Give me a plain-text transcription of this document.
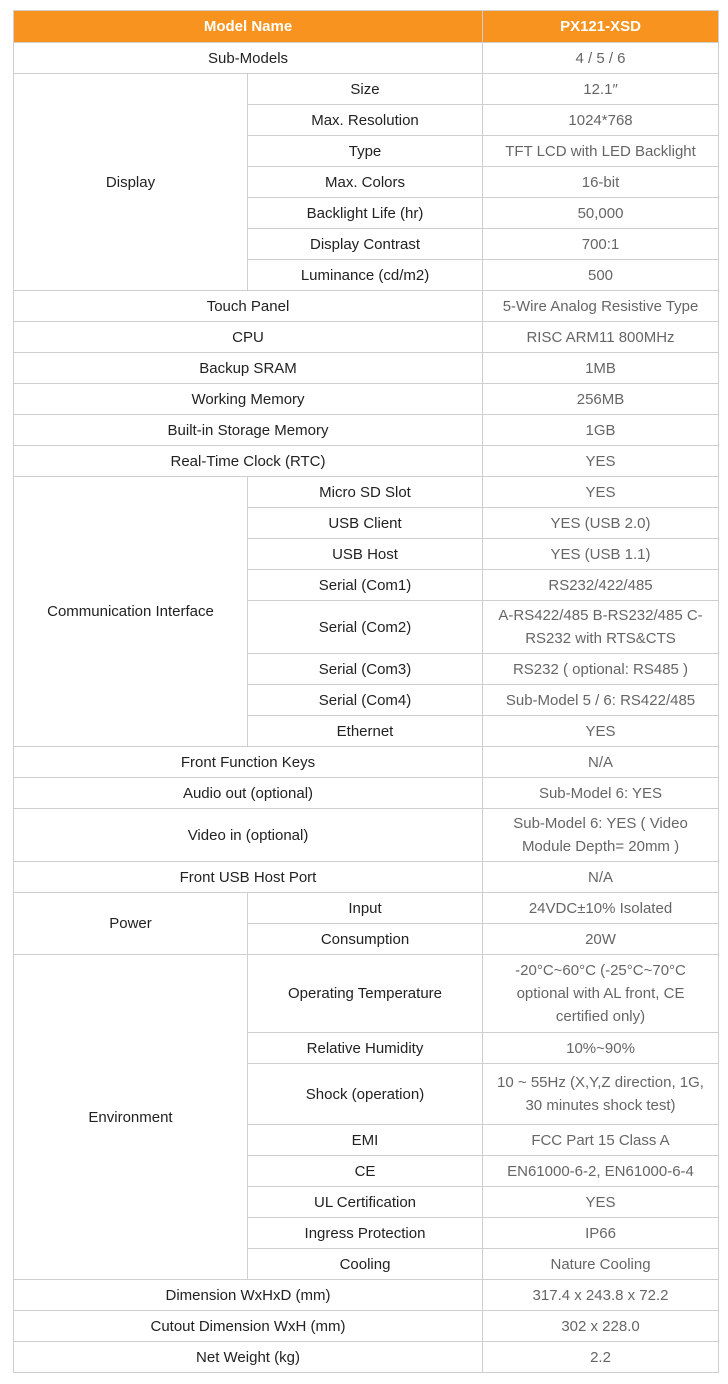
Model Name		PX121-XSD
Sub-Models		4 / 5 / 6
Display	Size	12.1″
	Max. Resolution	1024*768
	Type	TFT LCD with LED Backlight
	Max. Colors	16-bit
	Backlight Life (hr)	50,000
	Display Contrast	700:1
	Luminance (cd/m2)	500
Touch Panel		5-Wire Analog Resistive Type
CPU		RISC ARM11 800MHz
Backup SRAM		1MB
Working Memory		256MB
Built-in Storage Memory		1GB
Real-Time Clock (RTC)		YES
Communication Interface	Micro SD Slot	YES
	USB Client	YES (USB 2.0)
	USB Host	YES (USB 1.1)
	Serial (Com1)	RS232/422/485
	Serial (Com2)	A-RS422/485 B-RS232/485 C-RS232 with RTS&CTS
	Serial (Com3)	RS232 ( optional: RS485 )
	Serial (Com4)	Sub-Model 5 / 6: RS422/485
	Ethernet	YES
Front Function Keys		N/A
Audio out (optional)		Sub-Model 6: YES
Video in (optional)		Sub-Model 6: YES ( Video Module Depth= 20mm )
Front USB Host Port		N/A
Power	Input	24VDC±10% Isolated
	Consumption	20W
Environment	Operating Temperature	-20°C~60°C (-25°C~70°C optional with AL front, CE certified only)
	Relative Humidity	10%~90%
	Shock (operation)	10 ~ 55Hz (X,Y,Z direction, 1G, 30 minutes shock test)
	EMI	FCC Part 15 Class A
	CE	EN61000-6-2, EN61000-6-4
	UL Certification	YES
	Ingress Protection	IP66
	Cooling	Nature Cooling
Dimension WxHxD (mm)		317.4 x 243.8 x 72.2
Cutout Dimension WxH (mm)		302 x 228.0
Net Weight (kg)		2.2
